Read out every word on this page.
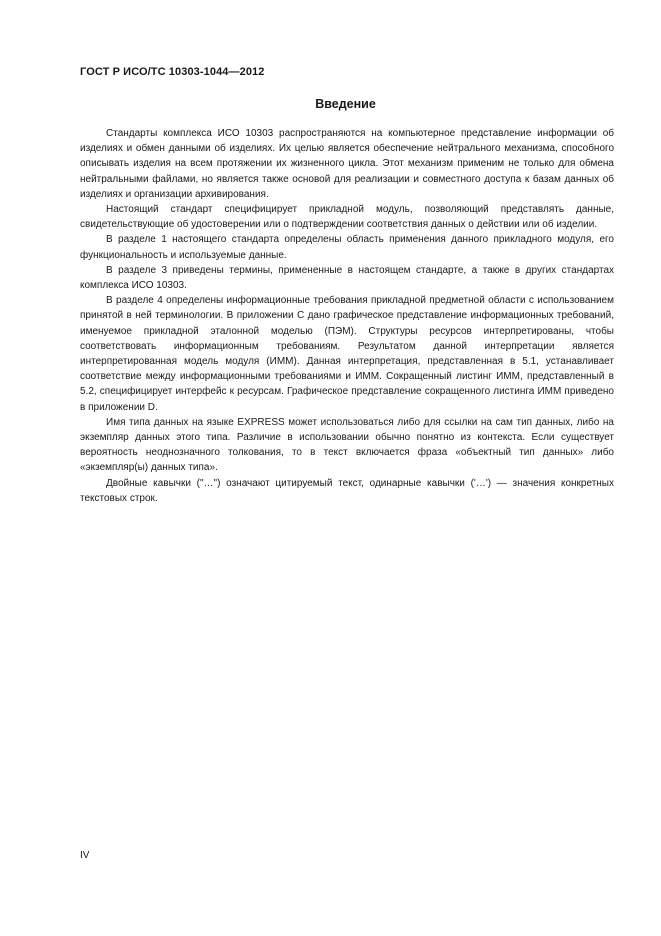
ГОСТ Р ИСО/ТС 10303-1044—2012
Введение

Стандарты комплекса ИСО 10303 распространяются на компьютерное представление информации об изделиях и обмен данными об изделиях. Их целью является обеспечение нейтрального механизма, способного описывать изделия на всем протяжении их жизненного цикла. Этот механизм применим не только для обмена нейтральными файлами, но является также основой для реализации и совместного доступа к базам данных об изделиях и организации архивирования.

Настоящий стандарт специфицирует прикладной модуль, позволяющий представлять данные, свидетельствующие об удостоверении или о подтверждении соответствия данных о действии или об изделии.

В разделе 1 настоящего стандарта определены область применения данного прикладного модуля, его функциональность и используемые данные.

В разделе 3 приведены термины, примененные в настоящем стандарте, а также в других стандартах комплекса ИСО 10303.

В разделе 4 определены информационные требования прикладной предметной области с использованием принятой в ней терминологии. В приложении С дано графическое представление информационных требований, именуемое прикладной эталонной моделью (ПЭМ). Структуры ресурсов интерпретированы, чтобы соответствовать информационным требованиям. Результатом данной интерпретации является интерпретированная модель модуля (ИММ). Данная интерпретация, представленная в 5.1, устанавливает соответствие между информационными требованиями и ИММ. Сокращенный листинг ИММ, представленный в 5.2, специфицирует интерфейс к ресурсам. Графическое представление сокращенного листинга ИММ приведено в приложении D.

Имя типа данных на языке EXPRESS может использоваться либо для ссылки на сам тип данных, либо на экземпляр данных этого типа. Различие в использовании обычно понятно из контекста. Если существует вероятность неоднозначного толкования, то в текст включается фраза «объектный тип данных» либо «экземпляр(ы) данных типа».

Двойные кавычки ("…") означают цитируемый текст, одинарные кавычки ('…') — значения конкретных текстовых строк.

IV
